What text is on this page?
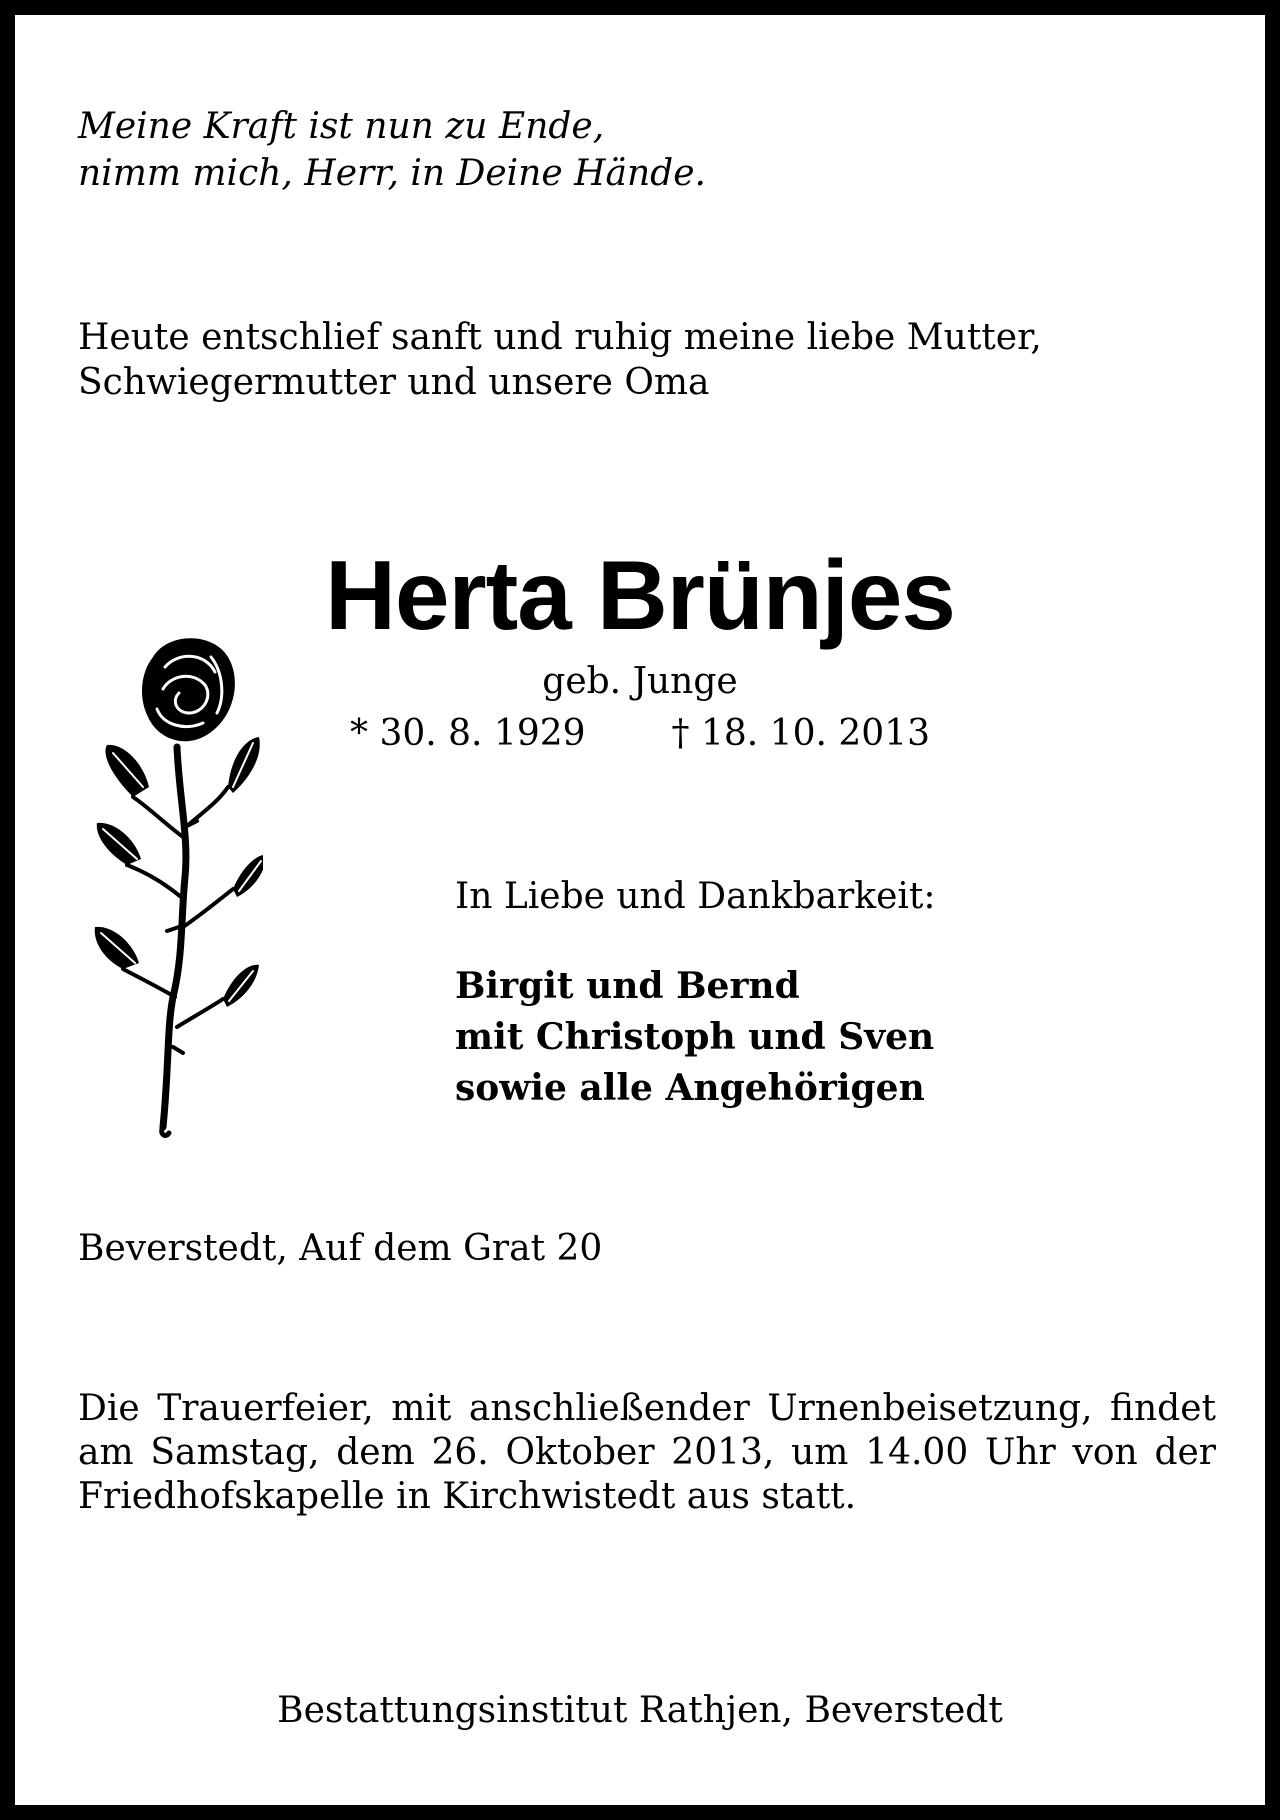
Meine Kraft ist nun zu Ende,
nimm mich, Herr, in Deine Hände.

Heute entschlief sanft und ruhig meine liebe Mutter,
Schwiegermutter und unsere Oma

Herta Brünjes

geb. Junge

* 30. 8. 1929 † 18. 10. 2013

In Liebe und Dankbarkeit:

Birgit und Bernd
mit Christoph und Sven
sowie alle Angehörigen

Beverstedt, Auf dem Grat 20

Die Trauerfeier, mit anschließender Urnenbeisetzung, findet am Samstag, dem 26. Oktober 2013, um 14.00 Uhr von der Friedhofskapelle in Kirchwistedt aus statt.

Bestattungsinstitut Rathjen, Beverstedt
